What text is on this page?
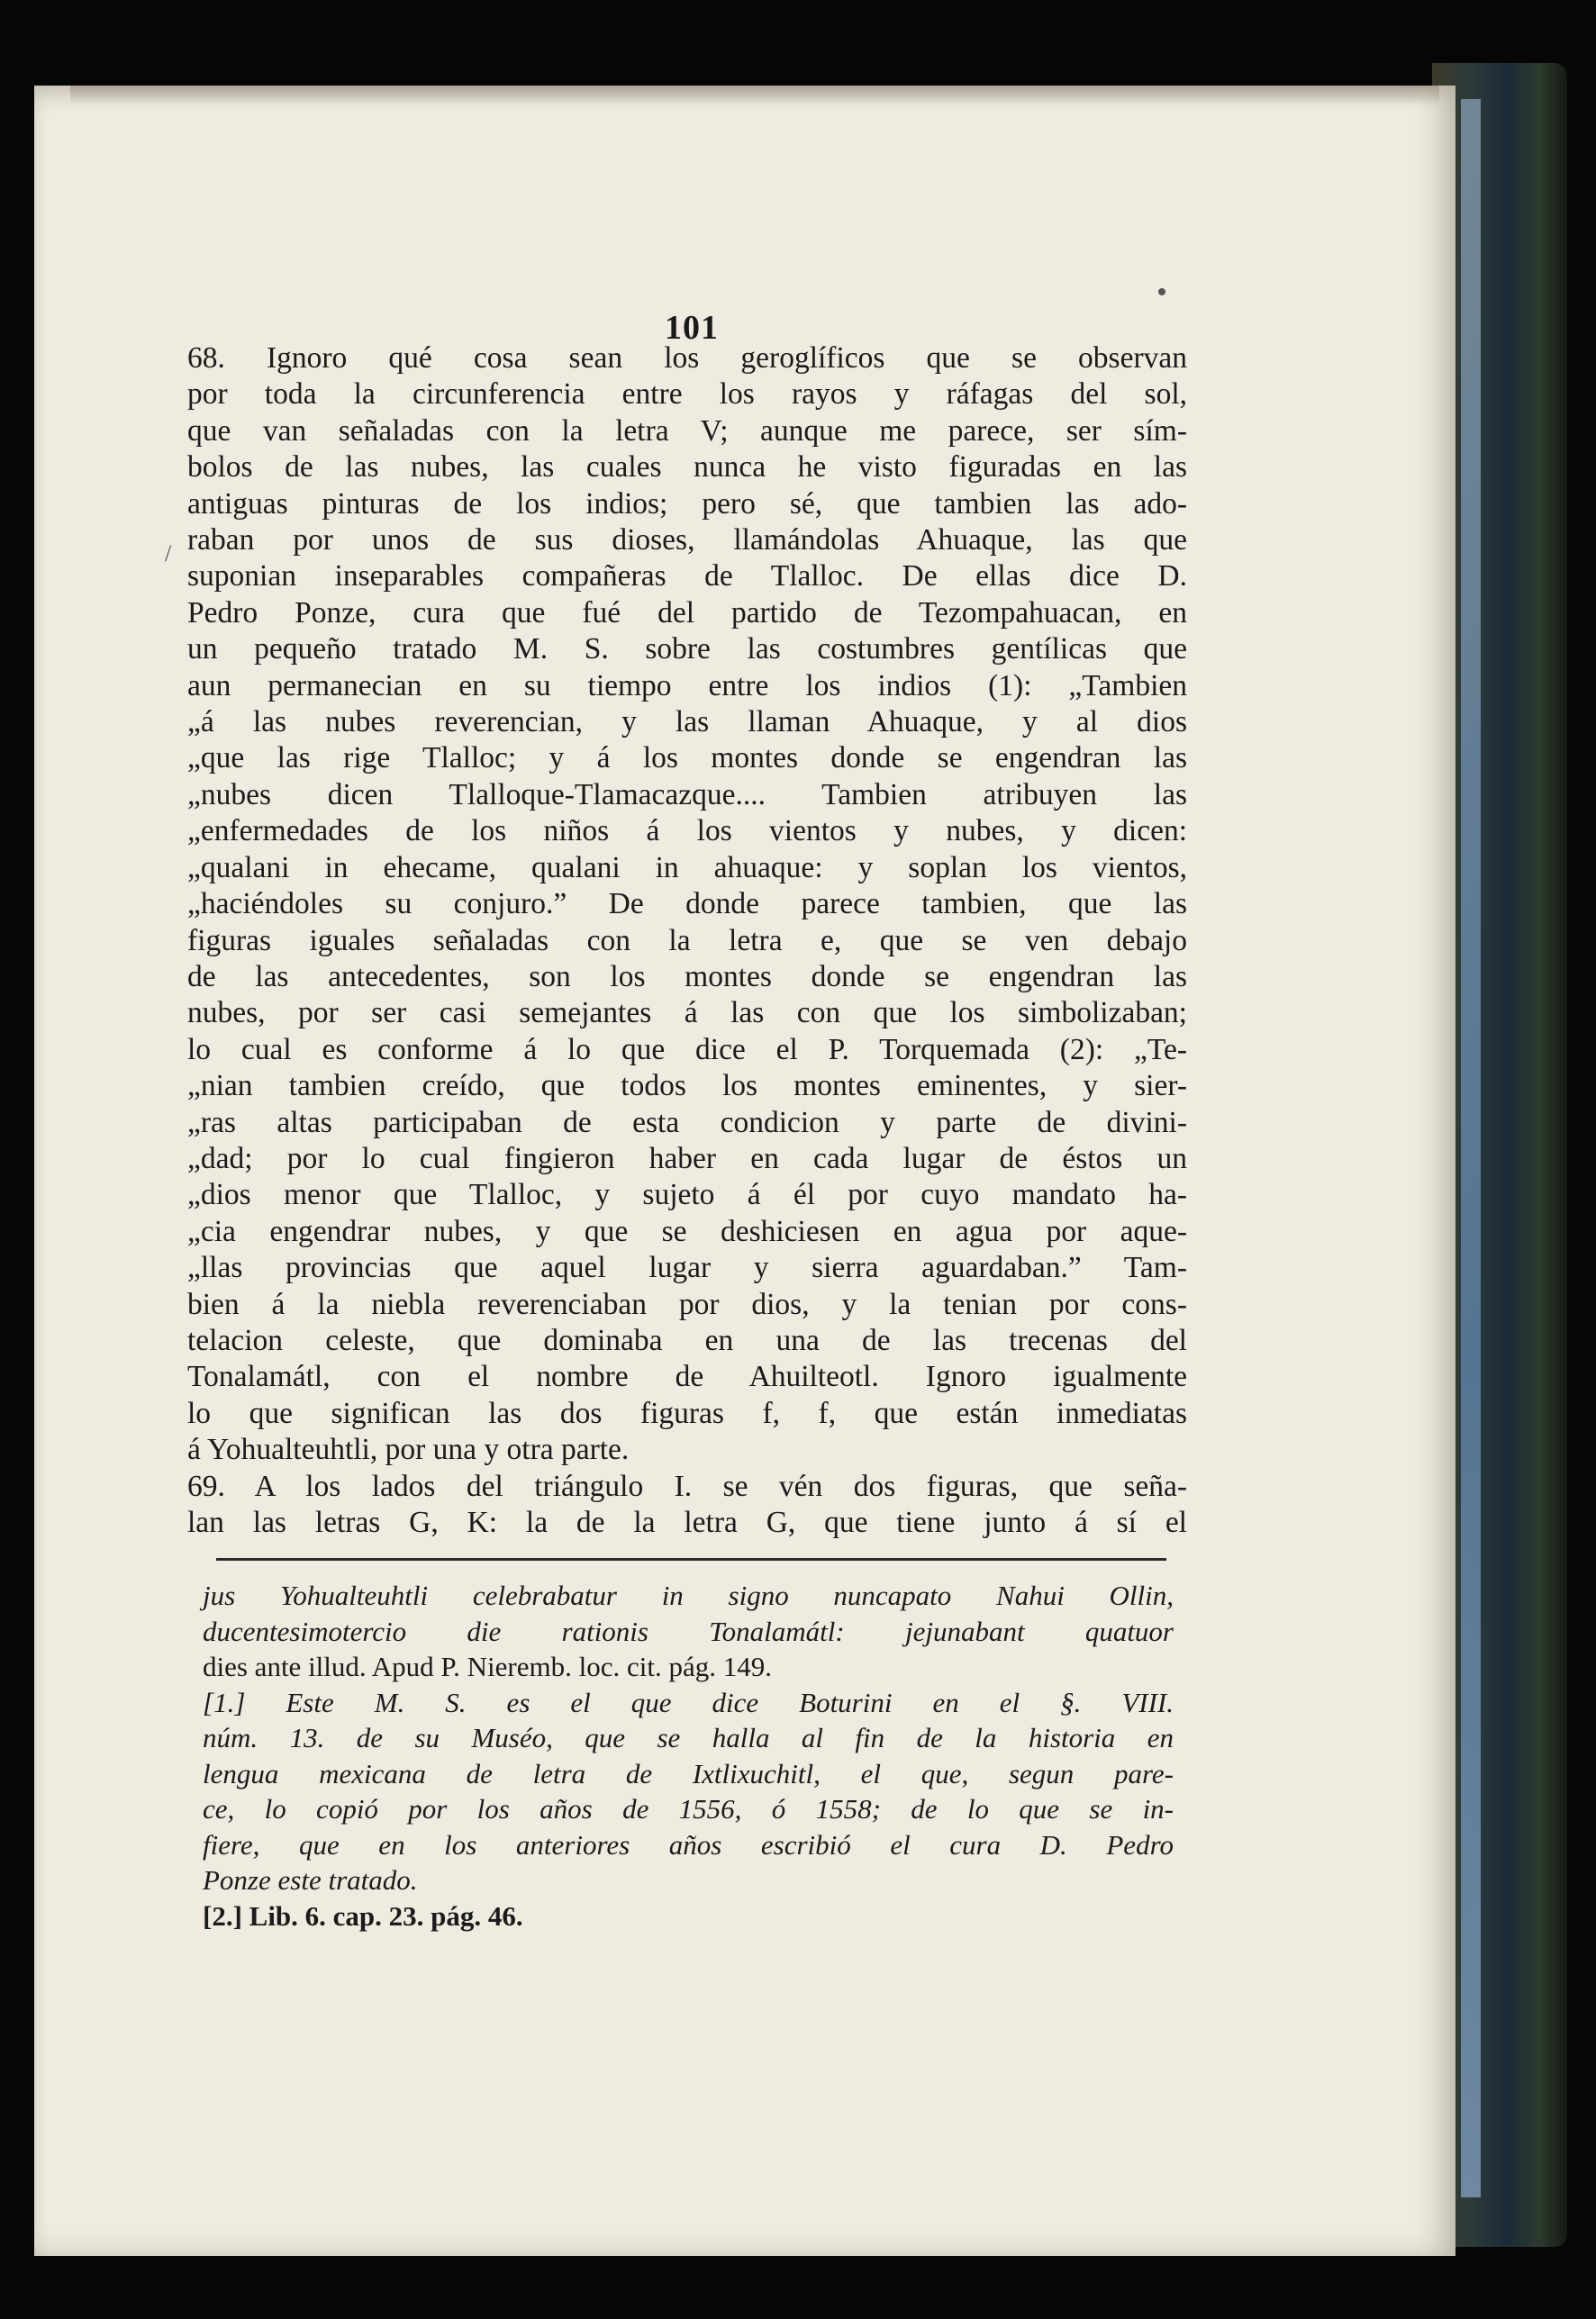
/
101
68. Ignoro qué cosa sean los geroglíficos que se observan
por toda la circunferencia entre los rayos y ráfagas del sol,
que van señaladas con la letra V; aunque me parece, ser sím-
bolos de las nubes, las cuales nunca he visto figuradas en las
antiguas pinturas de los indios; pero sé, que tambien las ado-
raban por unos de sus dioses, llamándolas Ahuaque, las que
suponian inseparables compañeras de Tlalloc. De ellas dice D.
Pedro Ponze, cura que fué del partido de Tezompahuacan, en
un pequeño tratado M. S. sobre las costumbres gentílicas que
aun permanecian en su tiempo entre los indios (1): „Tambien
„á las nubes reverencian, y las llaman Ahuaque, y al dios
„que las rige Tlalloc; y á los montes donde se engendran las
„nubes dicen Tlalloque-Tlamacazque.... Tambien atribuyen las
„enfermedades de los niños á los vientos y nubes, y dicen:
„qualani in ehecame, qualani in ahuaque: y soplan los vientos,
„haciéndoles su conjuro.” De donde parece tambien, que las
figuras iguales señaladas con la letra e, que se ven debajo
de las antecedentes, son los montes donde se engendran las
nubes, por ser casi semejantes á las con que los simbolizaban;
lo cual es conforme á lo que dice el P. Torquemada (2): „Te-
„nian tambien creído, que todos los montes eminentes, y sier-
„ras altas participaban de esta condicion y parte de divini-
„dad; por lo cual fingieron haber en cada lugar de éstos un
„dios menor que Tlalloc, y sujeto á él por cuyo mandato ha-
„cia engendrar nubes, y que se deshiciesen en agua por aque-
„llas provincias que aquel lugar y sierra aguardaban.” Tam-
bien á la niebla reverenciaban por dios, y la tenian por cons-
telacion celeste, que dominaba en una de las trecenas del
Tonalamátl, con el nombre de Ahuilteotl. Ignoro igualmente
lo que significan las dos figuras f, f, que están inmediatas
á Yohualteuhtli, por una y otra parte.
69. A los lados del triángulo I. se vén dos figuras, que seña-
lan las letras G, K: la de la letra G, que tiene junto á sí el
jus Yohualteuhtli celebrabatur in signo nuncapato Nahui Ollin,
ducentesimotercio die rationis Tonalamátl: jejunabant quatuor
dies ante illud. Apud P. Nieremb. loc. cit. pág. 149.
[1.] Este M. S. es el que dice Boturini en el §. VIII.
núm. 13. de su Muséo, que se halla al fin de la historia en
lengua mexicana de letra de Ixtlixuchitl, el que, segun pare-
ce, lo copió por los años de 1556, ó 1558; de lo que se in-
fiere, que en los anteriores años escribió el cura D. Pedro
Ponze este tratado.
[2.] Lib. 6. cap. 23. pág. 46.
